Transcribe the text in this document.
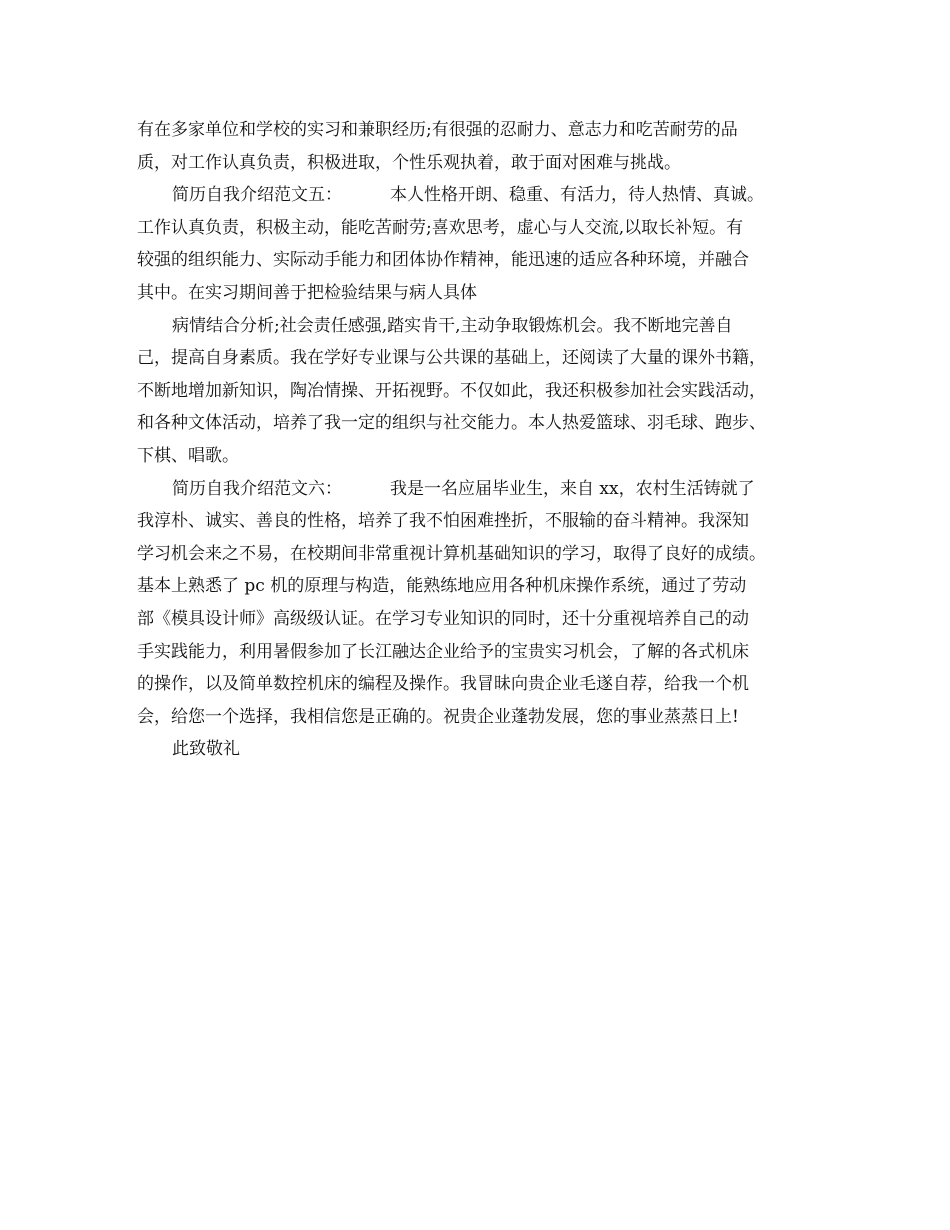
有在多家单位和学校的实习和兼职经历;有很强的忍耐力、意志力和吃苦耐劳的品
质，对工作认真负责，积极进取，个性乐观执着，敢于面对困难与挑战。
简历自我介绍范文五：	本人性格开朗、稳重、有活力，待人热情、真诚。
工作认真负责，积极主动，能吃苦耐劳;喜欢思考，虚心与人交流,以取长补短。有
较强的组织能力、实际动手能力和团体协作精神，能迅速的适应各种环境，并融合
其中。在实习期间善于把检验结果与病人具体
病情结合分析;社会责任感强,踏实肯干,主动争取锻炼机会。我不断地完善自
己，提高自身素质。我在学好专业课与公共课的基础上，还阅读了大量的课外书籍，
不断地增加新知识，陶冶情操、开拓视野。不仅如此，我还积极参加社会实践活动，
和各种文体活动，培养了我一定的组织与社交能力。本人热爱篮球、羽毛球、跑步、
下棋、唱歌。
简历自我介绍范文六：	我是一名应届毕业生，来自 xx，农村生活铸就了
我淳朴、诚实、善良的性格，培养了我不怕困难挫折，不服输的奋斗精神。我深知
学习机会来之不易，在校期间非常重视计算机基础知识的学习，取得了良好的成绩。
基本上熟悉了 pc 机的原理与构造，能熟练地应用各种机床操作系统，通过了劳动
部《模具设计师》高级级认证。在学习专业知识的同时，还十分重视培养自己的动
手实践能力，利用暑假参加了长江融达企业给予的宝贵实习机会，了解的各式机床
的操作，以及简单数控机床的编程及操作。我冒昧向贵企业毛遂自荐，给我一个机
会，给您一个选择，我相信您是正确的。祝贵企业蓬勃发展，您的事业蒸蒸日上!
此致敬礼
